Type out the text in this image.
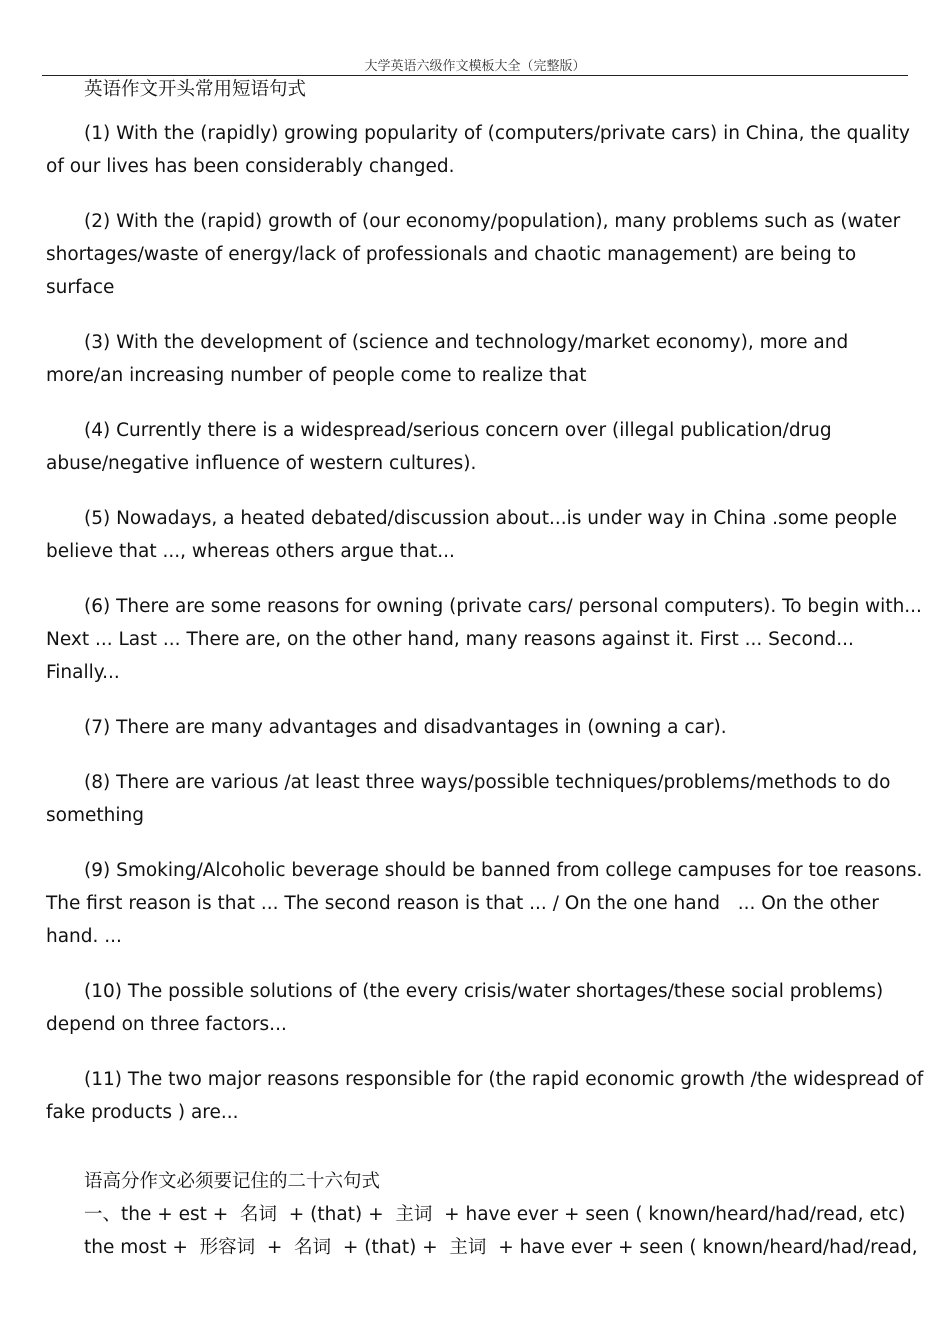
大学英语六级作文模板大全（完整版）
英语作文开头常用短语句式

(1) With the (rapidly) growing popularity of (computers/private cars) in China, the quality of our lives has been considerably changed.

(2) With the (rapid) growth of (our economy/population), many problems such as (water shortages/waste of energy/lack of professionals and chaotic management) are being to surface

(3) With the development of (science and technology/market economy), more and more/an increasing number of people come to realize that

(4) Currently there is a widespread/serious concern over (illegal publication/drug abuse/negative influence of western cultures).

(5) Nowadays, a heated debated/discussion about...is under way in China .some people believe that ..., whereas others argue that...

(6) There are some reasons for owning (private cars/ personal computers). To begin with... Next ... Last ... There are, on the other hand, many reasons against it. First ... Second... Finally...

(7) There are many advantages and disadvantages in (owning a car).

(8) There are various /at least three ways/possible techniques/problems/methods to do something

(9) Smoking/Alcoholic beverage should be banned from college campuses for toe reasons. The first reason is that ... The second reason is that ... / On the one hand   ... On the other hand. ...

(10) The possible solutions of (the every crisis/water shortages/these social problems) depend on three factors...

(11) The two major reasons responsible for (the rapid economic growth /the widespread of fake products ) are...

语高分作文必须要记住的二十六句式
一、the + est +  名词  + (that) +  主词  + have ever + seen ( known/heard/had/read, etc)
the most +  形容词  +  名词  + (that) +  主词  + have ever + seen ( known/heard/had/read,
